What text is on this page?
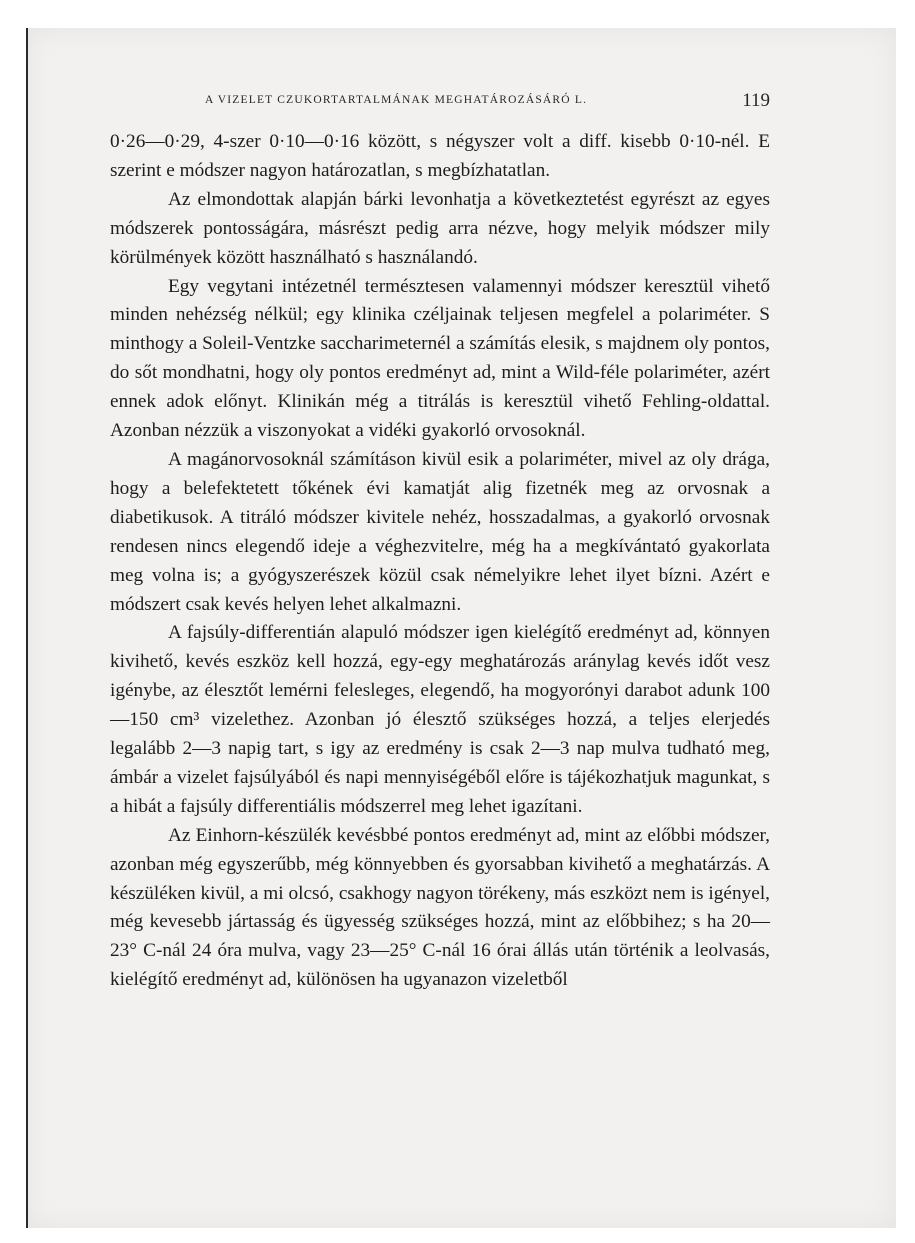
A VIZELET CZUKORTARTALMÁNAK MEGHATÁROZÁSÁRÓ L.	119

0·26—0·29, 4-szer 0·10—0·16 között, s négyszer volt a diff. kisebb 0·10-nél. E szerint e módszer nagyon határozatlan, s megbízhatatlan.

Az elmondottak alapján bárki levonhatja a következtetést egyrészt az egyes módszerek pontosságára, másrészt pedig arra nézve, hogy melyik módszer mily körülmények között használható s használandó.

Egy vegytani intézetnél természtesen valamennyi módszer keresztül vihető minden nehézség nélkül; egy klinika czéljainak teljesen megfelel a polariméter. S minthogy a Soleil-Ventzke saccharimeternél a számítás elesik, s majdnem oly pontos, do sőt mondhatni, hogy oly pontos eredményt ad, mint a Wild-féle polariméter, azért ennek adok előnyt. Klinikán még a titrálás is keresztül vihető Fehling-oldattal. Azonban nézzük a viszonyokat a vidéki gyakorló orvosoknál.

A magánorvosoknál számításon kivül esik a polariméter, mivel az oly drága, hogy a belefektetett tőkének évi kamatját alig fizetnék meg az orvosnak a diabetikusok. A titráló módszer kivitele nehéz, hosszadalmas, a gyakorló orvosnak rendesen nincs elegendő ideje a véghezvitelre, még ha a megkívántató gyakorlata meg volna is; a gyógyszerészek közül csak némelyikre lehet ilyet bízni. Azért e módszert csak kevés helyen lehet alkalmazni.

A fajsúly-differentián alapuló módszer igen kielégítő eredményt ad, könnyen kivihető, kevés eszköz kell hozzá, egy-egy meghatározás aránylag kevés időt vesz igénybe, az élesztőt lemérni felesleges, elegendő, ha mogyorónyi darabot adunk 100—150 cm³ vizelethez. Azonban jó élesztő szükséges hozzá, a teljes elerjedés legalább 2—3 napig tart, s igy az eredmény is csak 2—3 nap mulva tudható meg, ámbár a vizelet fajsúlyából és napi mennyiségéből előre is tájékozhatjuk magunkat, s a hibát a fajsúly differentiális módszerrel meg lehet igazítani.

Az Einhorn-készülék kevésbbé pontos eredményt ad, mint az előbbi módszer, azonban még egyszerűbb, még könnyebben és gyorsabban kivihető a meghatárzás. A készüléken kivül, a mi olcsó, csakhogy nagyon törékeny, más eszközt nem is igényel, még kevesebb jártasság és ügyesség szükséges hozzá, mint az előbbihez; s ha 20—23° C-nál 24 óra mulva, vagy 23—25° C-nál 16 órai állás után történik a leolvasás, kielégítő eredményt ad, különösen ha ugyanazon vizeletből
